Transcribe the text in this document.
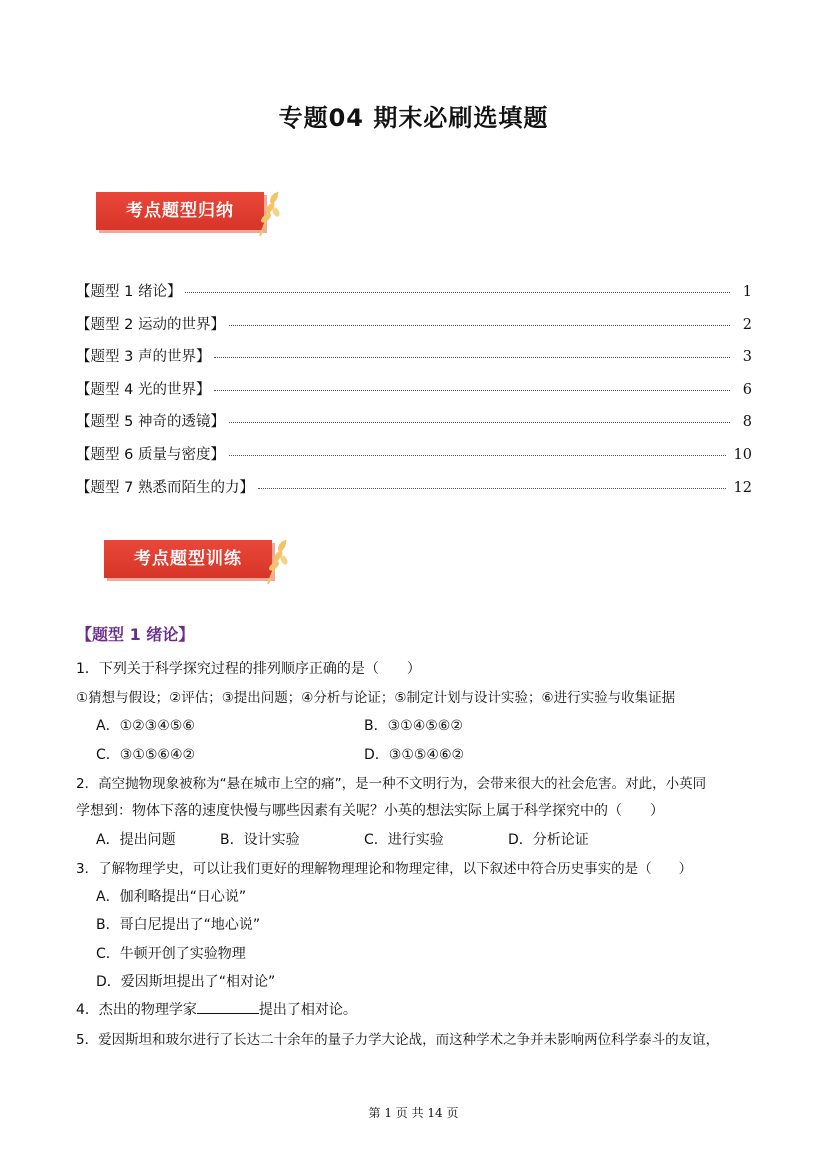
专题04 期末必刷选填题
考点题型归纳
【题型 1 绪论】	1
【题型 2 运动的世界】	2
【题型 3 声的世界】	3
【题型 4 光的世界】	6
【题型 5 神奇的透镜】	8
【题型 6 质量与密度】	10
【题型 7 熟悉而陌生的力】	12
考点题型训练
【题型 1 绪论】
1．下列关于科学探究过程的排列顺序正确的是（　　）
①猜想与假设；②评估；③提出问题；④分析与论证；⑤制定计划与设计实验；⑥进行实验与收集证据
A．①②③④⑤⑥	B．③①④⑤⑥②
C．③①⑤⑥④②	D．③①⑤④⑥②
2．高空抛物现象被称为“悬在城市上空的痛”，是一种不文明行为，会带来很大的社会危害。对此，小英同
学想到：物体下落的速度快慢与哪些因素有关呢？小英的想法实际上属于科学探究中的（　　）
A．提出问题	B．设计实验	C．进行实验	D．分析论证
3．了解物理学史，可以让我们更好的理解物理理论和物理定律，以下叙述中符合历史事实的是（　　）
A．伽利略提出“日心说”
B．哥白尼提出了“地心说”
C．牛顿开创了实验物理
D．爱因斯坦提出了“相对论”
4．杰出的物理学家	提出了相对论。
5．爱因斯坦和玻尔进行了长达二十余年的量子力学大论战，而这种学术之争并未影响两位科学泰斗的友谊，
第 1 页 共 14 页
